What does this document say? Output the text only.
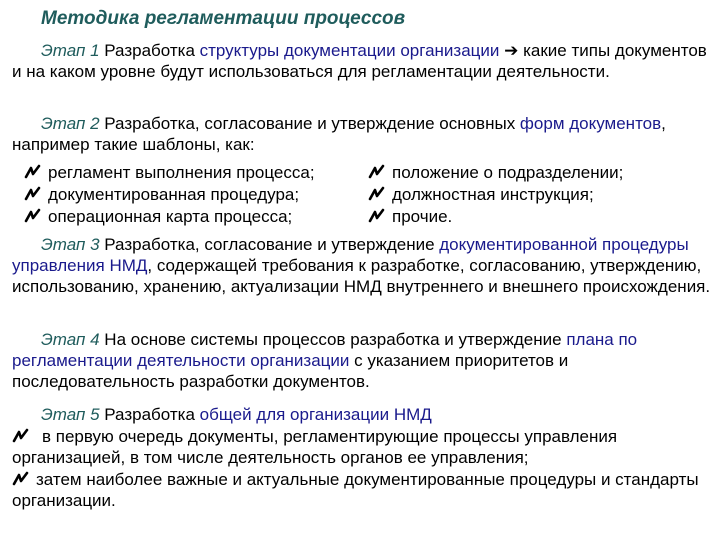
Методика регламентации процессов
Этап 1 Разработка структуры документации организации ➔ какие типы документов и на каком уровне будут использоваться для регламентации деятельности.
Этап 2 Разработка, согласование и утверждение основных форм документов, например такие шаблоны, как:
регламент выполнения процесса;
документированная процедура;
операционная карта процесса;
положение о подразделении;
должностная инструкция;
прочие.
Этап 3 Разработка, согласование и утверждение документированной процедуры управления НМД, содержащей требования к разработке, согласованию, утверждению, использованию, хранению, актуализации НМД внутреннего и внешнего происхождения.
Этап 4 На основе системы процессов разработка и утверждение плана по регламентации деятельности организации с указанием приоритетов и последовательность разработки документов.
Этап 5 Разработка общей для организации НМД
в первую очередь документы, регламентирующие процессы управления организацией, в том числе деятельность органов ее управления;
затем наиболее важные и актуальные документированные процедуры и стандарты организации.
